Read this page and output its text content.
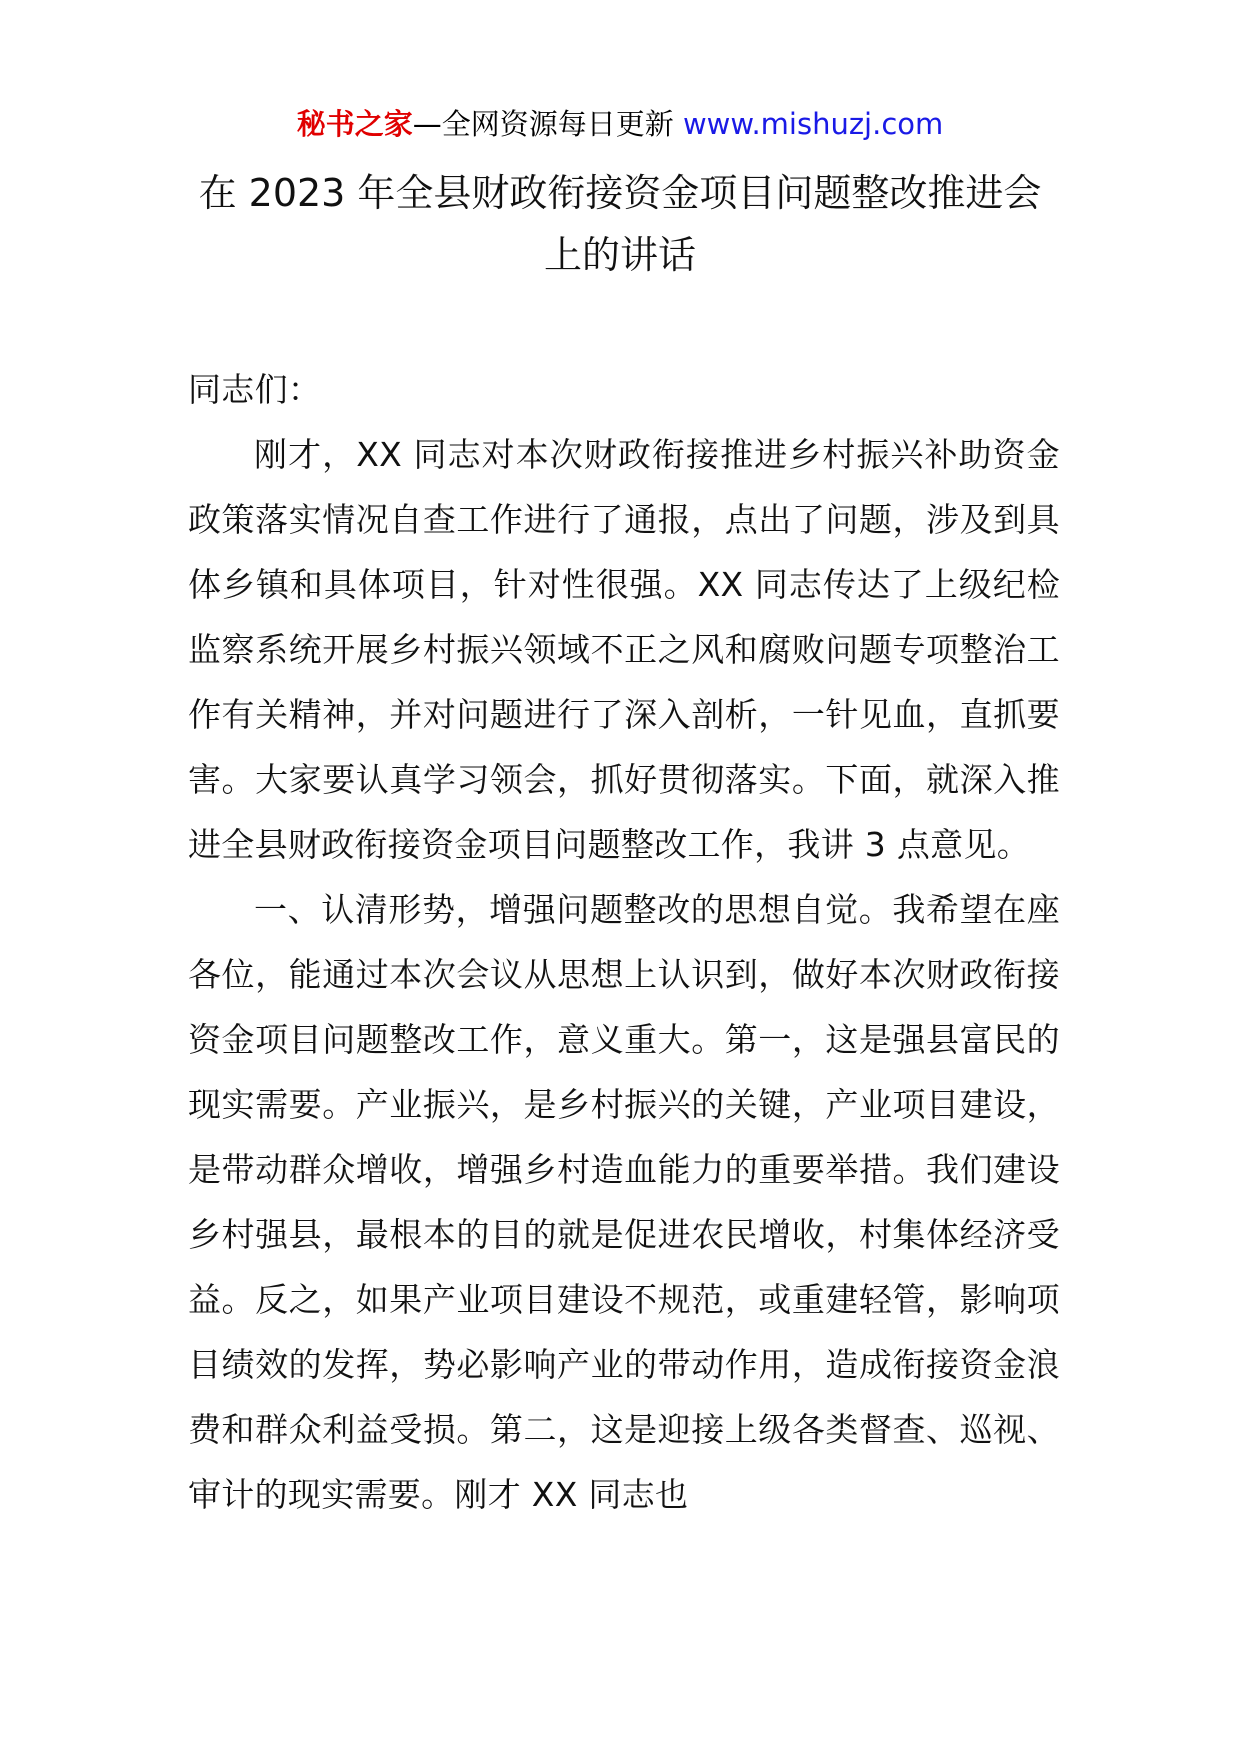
秘书之家—全网资源每日更新 www.mishuzj.com
在 2023 年全县财政衔接资金项目问题整改推进会上的讲话

同志们：

刚才，XX 同志对本次财政衔接推进乡村振兴补助资金政策落实情况自查工作进行了通报，点出了问题，涉及到具体乡镇和具体项目，针对性很强。XX 同志传达了上级纪检监察系统开展乡村振兴领域不正之风和腐败问题专项整治工作有关精神，并对问题进行了深入剖析，一针见血，直抓要害。大家要认真学习领会，抓好贯彻落实。下面，就深入推进全县财政衔接资金项目问题整改工作，我讲 3 点意见。

一、认清形势，增强问题整改的思想自觉。我希望在座各位，能通过本次会议从思想上认识到，做好本次财政衔接资金项目问题整改工作，意义重大。第一，这是强县富民的现实需要。产业振兴，是乡村振兴的关键，产业项目建设，是带动群众增收，增强乡村造血能力的重要举措。我们建设乡村强县，最根本的目的就是促进农民增收，村集体经济受益。反之，如果产业项目建设不规范，或重建轻管，影响项目绩效的发挥，势必影响产业的带动作用，造成衔接资金浪费和群众利益受损。第二，这是迎接上级各类督查、巡视、审计的现实需要。刚才 XX 同志也
